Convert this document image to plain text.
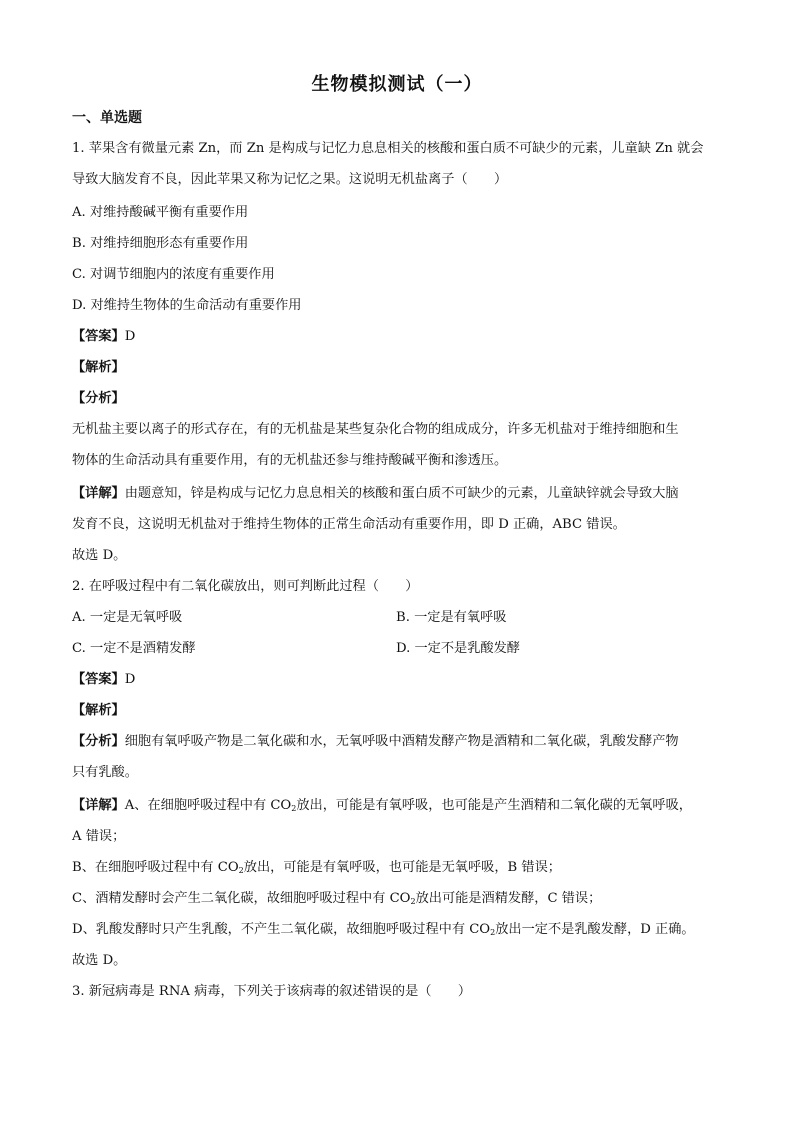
生物模拟测试（一）
一、单选题
1. 苹果含有微量元素 Zn，而 Zn 是构成与记忆力息息相关的核酸和蛋白质不可缺少的元素，儿童缺 Zn 就会
导致大脑发育不良，因此苹果又称为记忆之果。这说明无机盐离子（　　）
A. 对维持酸碱平衡有重要作用
B. 对维持细胞形态有重要作用
C. 对调节细胞内的浓度有重要作用
D. 对维持生物体的生命活动有重要作用
【答案】D
【解析】
【分析】
无机盐主要以离子的形式存在，有的无机盐是某些复杂化合物的组成成分，许多无机盐对于维持细胞和生
物体的生命活动具有重要作用，有的无机盐还参与维持酸碱平衡和渗透压。
【详解】由题意知，锌是构成与记忆力息息相关的核酸和蛋白质不可缺少的元素，儿童缺锌就会导致大脑
发育不良，这说明无机盐对于维持生物体的正常生命活动有重要作用，即 D 正确，ABC 错误。
故选 D。
2. 在呼吸过程中有二氧化碳放出，则可判断此过程（　　）
A. 一定是无氧呼吸	B. 一定是有氧呼吸
C. 一定不是酒精发酵	D. 一定不是乳酸发酵
【答案】D
【解析】
【分析】细胞有氧呼吸产物是二氧化碳和水，无氧呼吸中酒精发酵产物是酒精和二氧化碳，乳酸发酵产物
只有乳酸。
【详解】A、在细胞呼吸过程中有 $CO_2$放出，可能是有氧呼吸，也可能是产生酒精和二氧化碳的无氧呼吸，
A 错误；
B、在细胞呼吸过程中有 $CO_2$放出，可能是有氧呼吸，也可能是无氧呼吸，B 错误；
C、酒精发酵时会产生二氧化碳，故细胞呼吸过程中有 $CO_2$放出可能是酒精发酵，C 错误；
D、乳酸发酵时只产生乳酸，不产生二氧化碳，故细胞呼吸过程中有 $CO_2$放出一定不是乳酸发酵，D 正确。
故选 D。
3. 新冠病毒是 RNA 病毒，下列关于该病毒的叙述错误的是（　　）
